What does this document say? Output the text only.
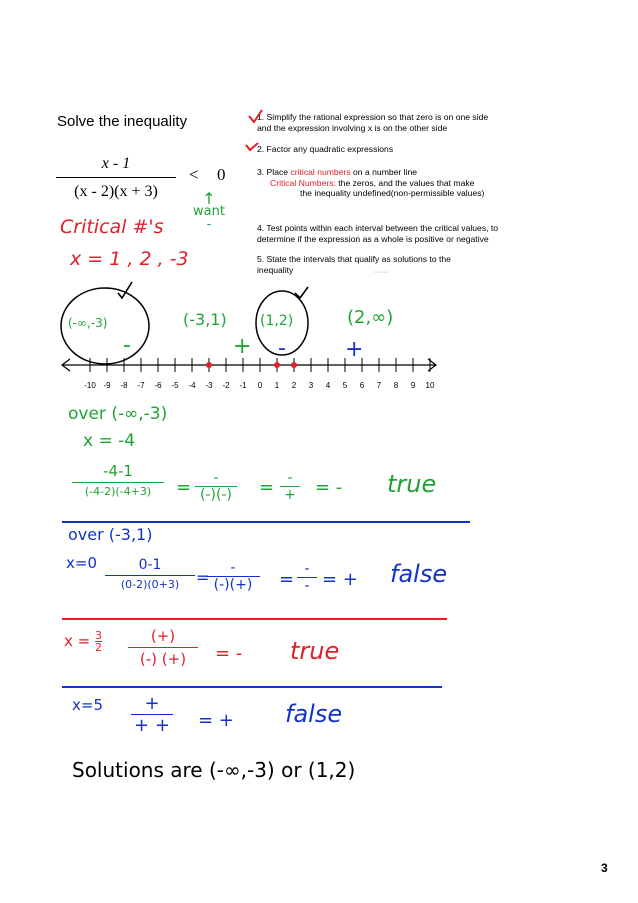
Solve the inequality
x - 1
(x - 2)(x + 3)
< 0

1. Simplify the rational expression so that zero is on one side

and the expression involving x is on the other side

2. Factor any quadratic expressions

3. Place critical numbers on a number line

Critical Numbers: the zeros, and the values that make

the inequality undefined(non-permissible values)

4. Test points within each interval between the critical values, to

determine if the expression as a whole is positive or negative

5. State the intervals that qualify as solutions to the

inequality	SmartTutor

↑
want
-
Critical #'s
x = 1 , 2 , -3
(-∞,-3)	(-3,1) (1,2)	(2,∞)
-	+ -	+
-10 -9 -8 -7 -6 -5 -4 -3 -2 -1 0 1 2 3 4 5 6 7 8 9 10
over (-∞,-3)
x = -4
-4-1
(-4-2)(-4+3)	=	-
(-)(-) = -
+ = - true
over (-3,1)
x=0	0-1
(0-2)(0+3)	=	-
(-)(+)	= -
- = + false
$x = \frac{3}{2}$	(+)
(-) (+)	= - true
x=5	+
+ + = + false
Solutions are (-∞,-3) or (1,2)
3
